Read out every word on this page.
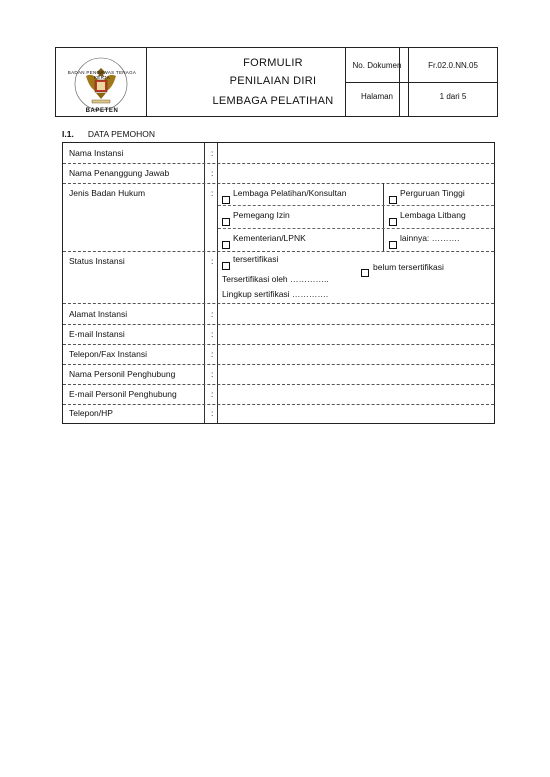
BADAN PENGAWAS TENAGA KERJA
BAPETEN
FORMULIR
PENILAIAN DIRI
LEMBAGA PELATIHAN
No. Dokumen	Fr.02.0.NN.05
Halaman	1 dari 5
I.1. DATA PEMOHON
Nama Instansi	:
Nama Penanggung Jawab	:
Jenis Badan Hukum	: Lembaga Pelatihan/Konsultan	Perguruan Tinggi
Pemegang Izin	Lembaga Litbang
Kementerian/LPNK	lainnya: ……….
Status Instansi	: tersertifikasi
belum tersertifikasi
Tersertifikasi oleh …………..
Lingkup sertifikasi ………….
Alamat Instansi	:
E-mail Instansi	:
Telepon/Fax Instansi	:
Nama Personil Penghubung	:
E-mail Personil Penghubung	:
Telepon/HP	:
